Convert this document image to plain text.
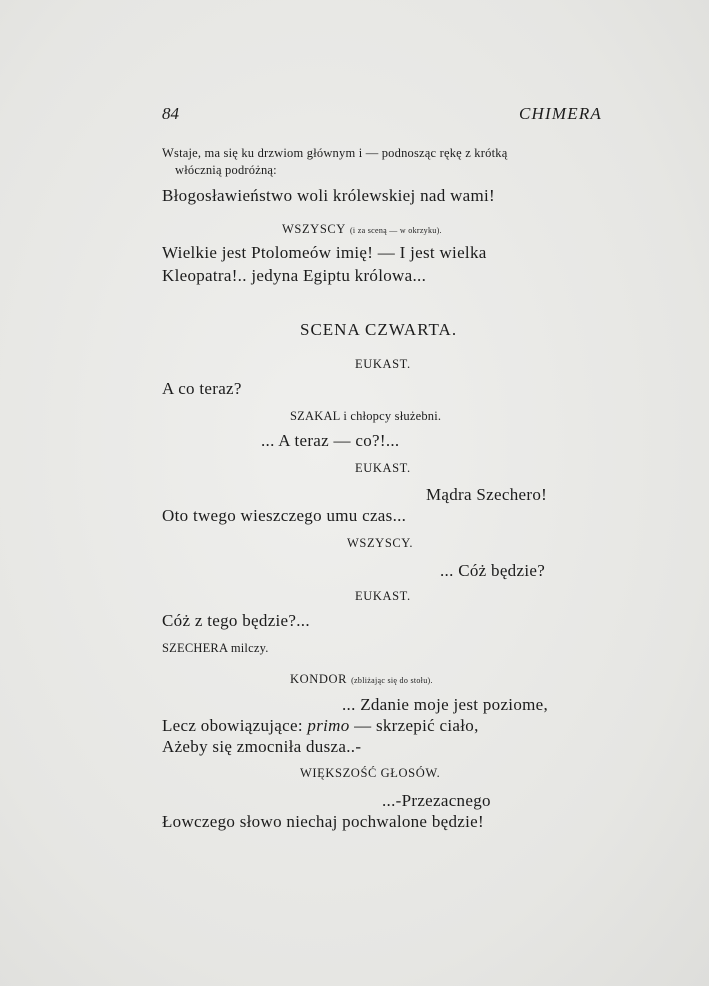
84	CHIMERA
Wstaje, ma się ku drzwiom głównym i — podnosząc rękę z krótką
włócznią podróżną:
Błogosławieństwo woli królewskiej nad wami!
WSZYSCY (i za sceną — w okrzyku).
Wielkie jest Ptolomeów imię! — I jest wielka
Kleopatra!.. jedyna Egiptu królowa...
SCENA CZWARTA.
EUKAST.
A co teraz?
SZAKAL i chłopcy służebni.
... A teraz — co?!...
EUKAST.
Mądra Szechero!
Oto twego wieszczego umu czas...
WSZYSCY.
... Cóż będzie?
EUKAST.
Cóż z tego będzie?...
SZECHERA milczy.
KONDOR (zbliżając się do stołu).
... Zdanie moje jest poziome,
Lecz obowiązujące: primo — skrzepić ciało,
Ażeby się zmocniła dusza..-
WIĘKSZOŚĆ GŁOSÓW.
...-Przezacnego
Łowczego słowo niechaj pochwalone będzie!
